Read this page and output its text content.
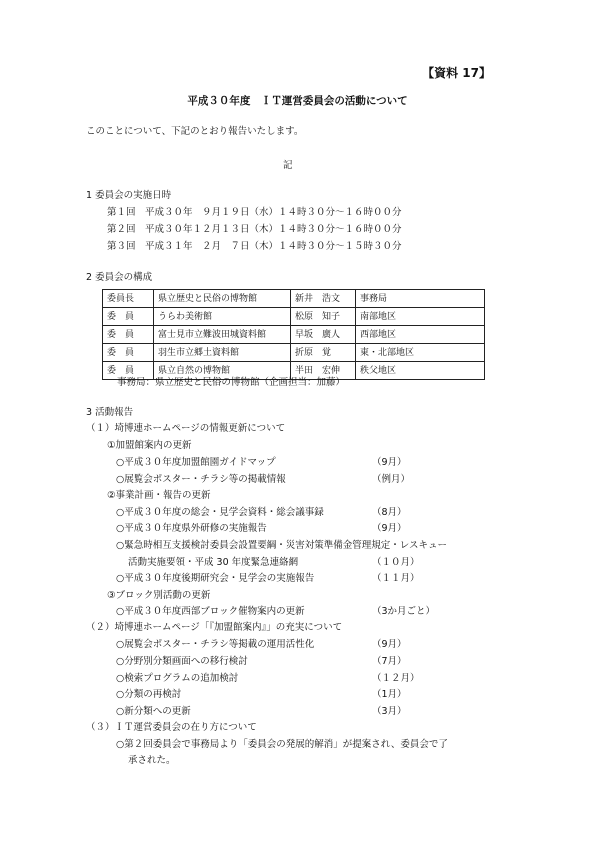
【資料 17】
平成３０年度　ＩＴ運営委員会の活動について
このことについて、下記のとおり報告いたします。
記
1 委員会の実施日時
第１回　平成３０年　９月１９日（水）１４時３０分～１６時００分
第２回　平成３０年１２月１３日（木）１４時３０分～１６時００分
第３回　平成３１年　２月　７日（木）１４時３０分～１５時３０分
2 委員会の構成
委員長	県立歴史と民俗の博物館	新井　浩文	事務局
委　員	うらわ美術館	松原　知子	南部地区
委　員	富士見市立難波田城資料館	早坂　廣人	西部地区
委　員	羽生市立郷土資料館	折原　覚	東・北部地区
委　員	県立自然の博物館	半田　宏伸	秩父地区
事務局：県立歴史と民俗の博物館（企画担当：加藤）
3 活動報告
（１）埼博連ホームページの情報更新について
①加盟館案内の更新
○平成３０年度加盟館園ガイドマップ	（9月）
○展覧会ポスター・チラシ等の掲載情報	（例月）
②事業計画・報告の更新
○平成３０年度の総会・見学会資料・総会議事録	（8月）
○平成３０年度県外研修の実施報告	（9月）
○緊急時相互支援検討委員会設置要綱・災害対策準備金管理規定・レスキュー
活動実施要領・平成 30 年度緊急連絡網	（１０月）
○平成３０年度後期研究会・見学会の実施報告	（１１月）
③ブロック別活動の更新
○平成３０年度西部ブロック催物案内の更新	（3か月ごと）
（２）埼博連ホームページ「『加盟館案内』」の充実について
○展覧会ポスター・チラシ等掲載の運用活性化	（9月）
○分野別分類画面への移行検討	（7月）
○検索プログラムの追加検討	（１２月）
○分類の再検討	（1月）
○新分類への更新	（3月）
（３）ＩＴ運営委員会の在り方について
○第２回委員会で事務局より「委員会の発展的解消」が提案され、委員会で了
承された。
